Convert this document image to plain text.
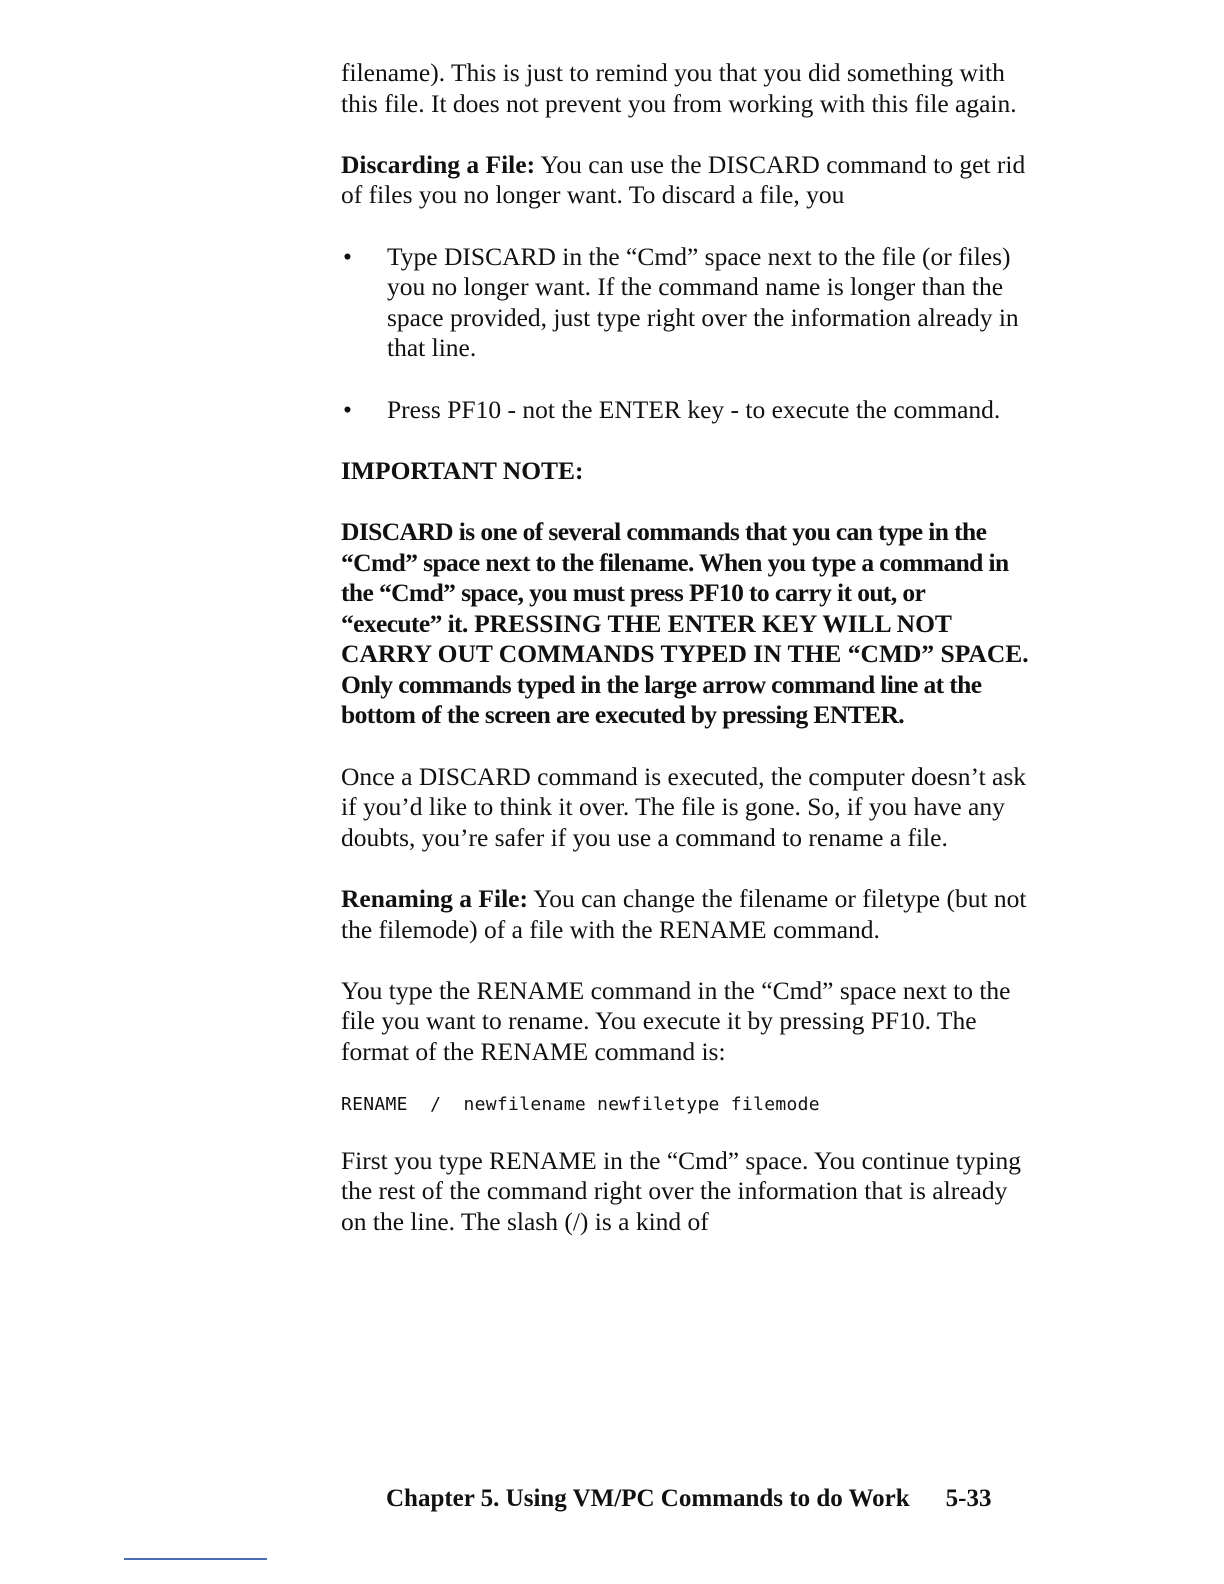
filename). This is just to remind you that you did something with this file. It does not prevent you from working with this file again.

Discarding a File: You can use the DISCARD command to get rid of files you no longer want. To discard a file, you

• Type DISCARD in the “Cmd” space next to the file (or files) you no longer want. If the command name is longer than the space provided, just type right over the information already in that line.
• Press PF10 - not the ENTER key - to execute the command.

IMPORTANT NOTE:

DISCARD is one of several commands that you can type in the “Cmd” space next to the filename. When you type a command in the “Cmd” space, you must press PF10 to carry it out, or “execute” it. PRESSING THE ENTER KEY WILL NOT CARRY OUT COMMANDS TYPED IN THE “CMD” SPACE. Only commands typed in the large arrow command line at the bottom of the screen are executed by pressing ENTER.

Once a DISCARD command is executed, the computer doesn’t ask if you’d like to think it over. The file is gone. So, if you have any doubts, you’re safer if you use a command to rename a file.

Renaming a File: You can change the filename or filetype (but not the filemode) of a file with the RENAME command.

You type the RENAME command in the “Cmd” space next to the file you want to rename. You execute it by pressing PF10. The format of the RENAME command is:

RENAME  /  newfilename newfiletype filemode

First you type RENAME in the “Cmd” space. You continue typing the rest of the command right over the information that is already on the line. The slash (/) is a kind of

Chapter 5. Using VM/PC Commands to do Work 5-33
